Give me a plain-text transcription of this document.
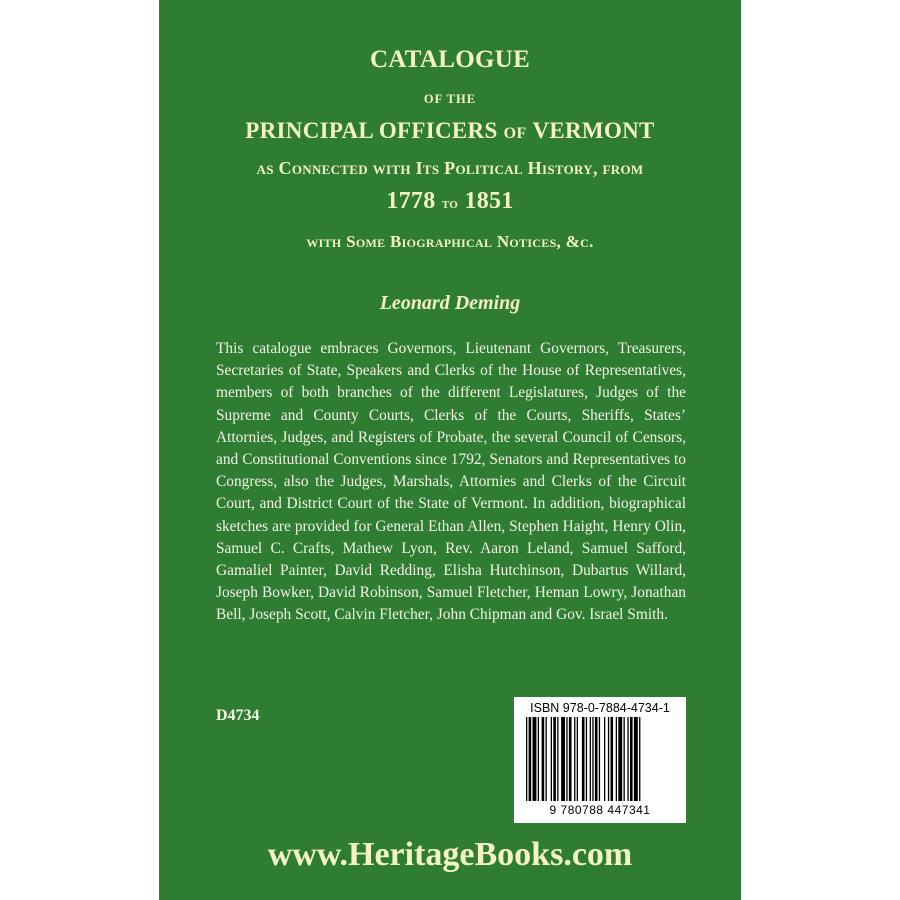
CATALOGUE
OF THE
PRINCIPAL OFFICERS OF VERMONT
as Connected with Its Political History, from
1778 to 1851
with Some Biographical Notices, &c.
Leonard Deming
This catalogue embraces Governors, Lieutenant Governors, Treasurers, Secretaries of State, Speakers and Clerks of the House of Representatives, members of both branches of the different Legislatures, Judges of the Supreme and County Courts, Clerks of the Courts, Sheriffs, States’ Attornies, Judges, and Registers of Probate, the several Council of Censors, and Constitutional Conventions since 1792, Senators and Representatives to Congress, also the Judges, Marshals, Attornies and Clerks of the Circuit Court, and District Court of the State of Vermont. In addition, biographical sketches are provided for General Ethan Allen, Stephen Haight, Henry Olin, Samuel C. Crafts, Mathew Lyon, Rev. Aaron Leland, Samuel Safford, Gamaliel Painter, David Redding, Elisha Hutchinson, Dubartus Willard, Joseph Bowker, David Robinson, Samuel Fletcher, Heman Lowry, Jonathan Bell, Joseph Scott, Calvin Fletcher, John Chipman and Gov. Israel Smith.
D4734	ISBN 978-0-7884-4734-1
9 780788 447341
www.HeritageBooks.com
